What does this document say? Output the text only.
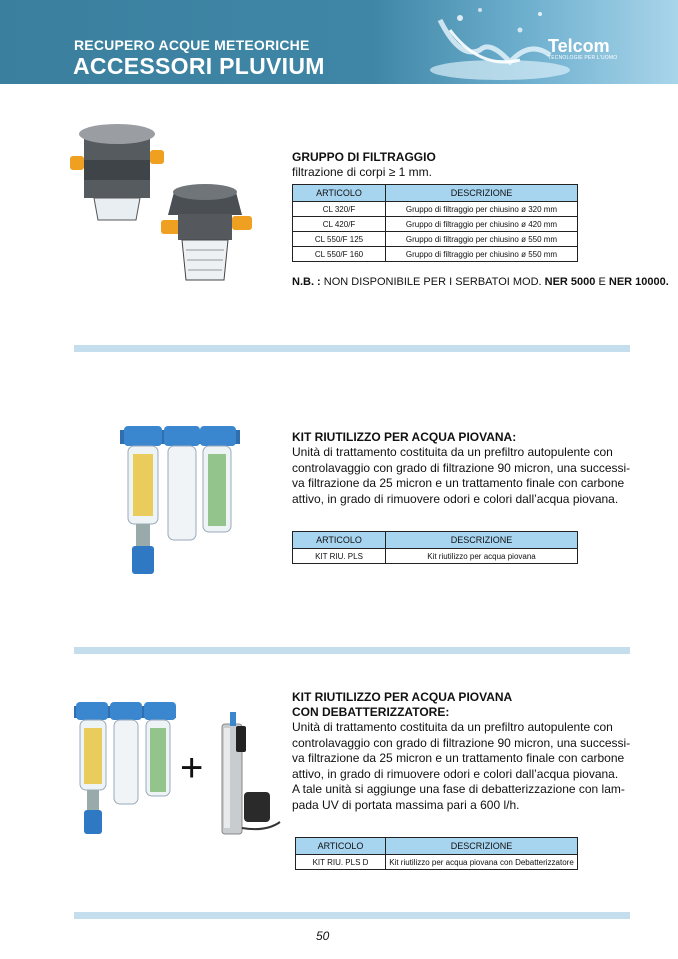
RECUPERO ACQUE METEORICHE
ACCESSORI PLUVIUM
Telcom
TECNOLOGIE PER L'UOMO
GRUPPO DI FILTRAGGIO
filtrazione di corpi ≥ 1 mm.
ARTICOLO	DESCRIZIONE
CL 320/F	Gruppo di filtraggio per chiusino ø 320 mm
CL 420/F	Gruppo di filtraggio per chiusino ø 420 mm
CL 550/F 125	Gruppo di filtraggio per chiusino ø 550 mm
CL 550/F 160	Gruppo di filtraggio per chiusino ø 550 mm
N.B. : NON DISPONIBILE PER I SERBATOI MOD. NER 5000 E NER 10000.
KIT RIUTILIZZO PER ACQUA PIOVANA:
Unità di trattamento costituita da un prefiltro autopulente con
controlavaggio con grado di filtrazione 90 micron, una successi-
va filtrazione da 25 micron e un trattamento finale con carbone
attivo, in grado di rimuovere odori e colori dall’acqua piovana.
ARTICOLO	DESCRIZIONE
KIT RIU. PLS	Kit riutilizzo per acqua piovana
+
KIT RIUTILIZZO PER ACQUA PIOVANA
CON DEBATTERIZZATORE:
Unità di trattamento costituita da un prefiltro autopulente con
controlavaggio con grado di filtrazione 90 micron, una successi-
va filtrazione da 25 micron e un trattamento finale con carbone
attivo, in grado di rimuovere odori e colori dall’acqua piovana.
A tale unità si aggiunge una fase di debatterizzazione con lam-
pada UV di portata massima pari a 600 l/h.
ARTICOLO	DESCRIZIONE
KIT RIU. PLS D	Kit riutilizzo per acqua piovana con Debatterizzatore
50
